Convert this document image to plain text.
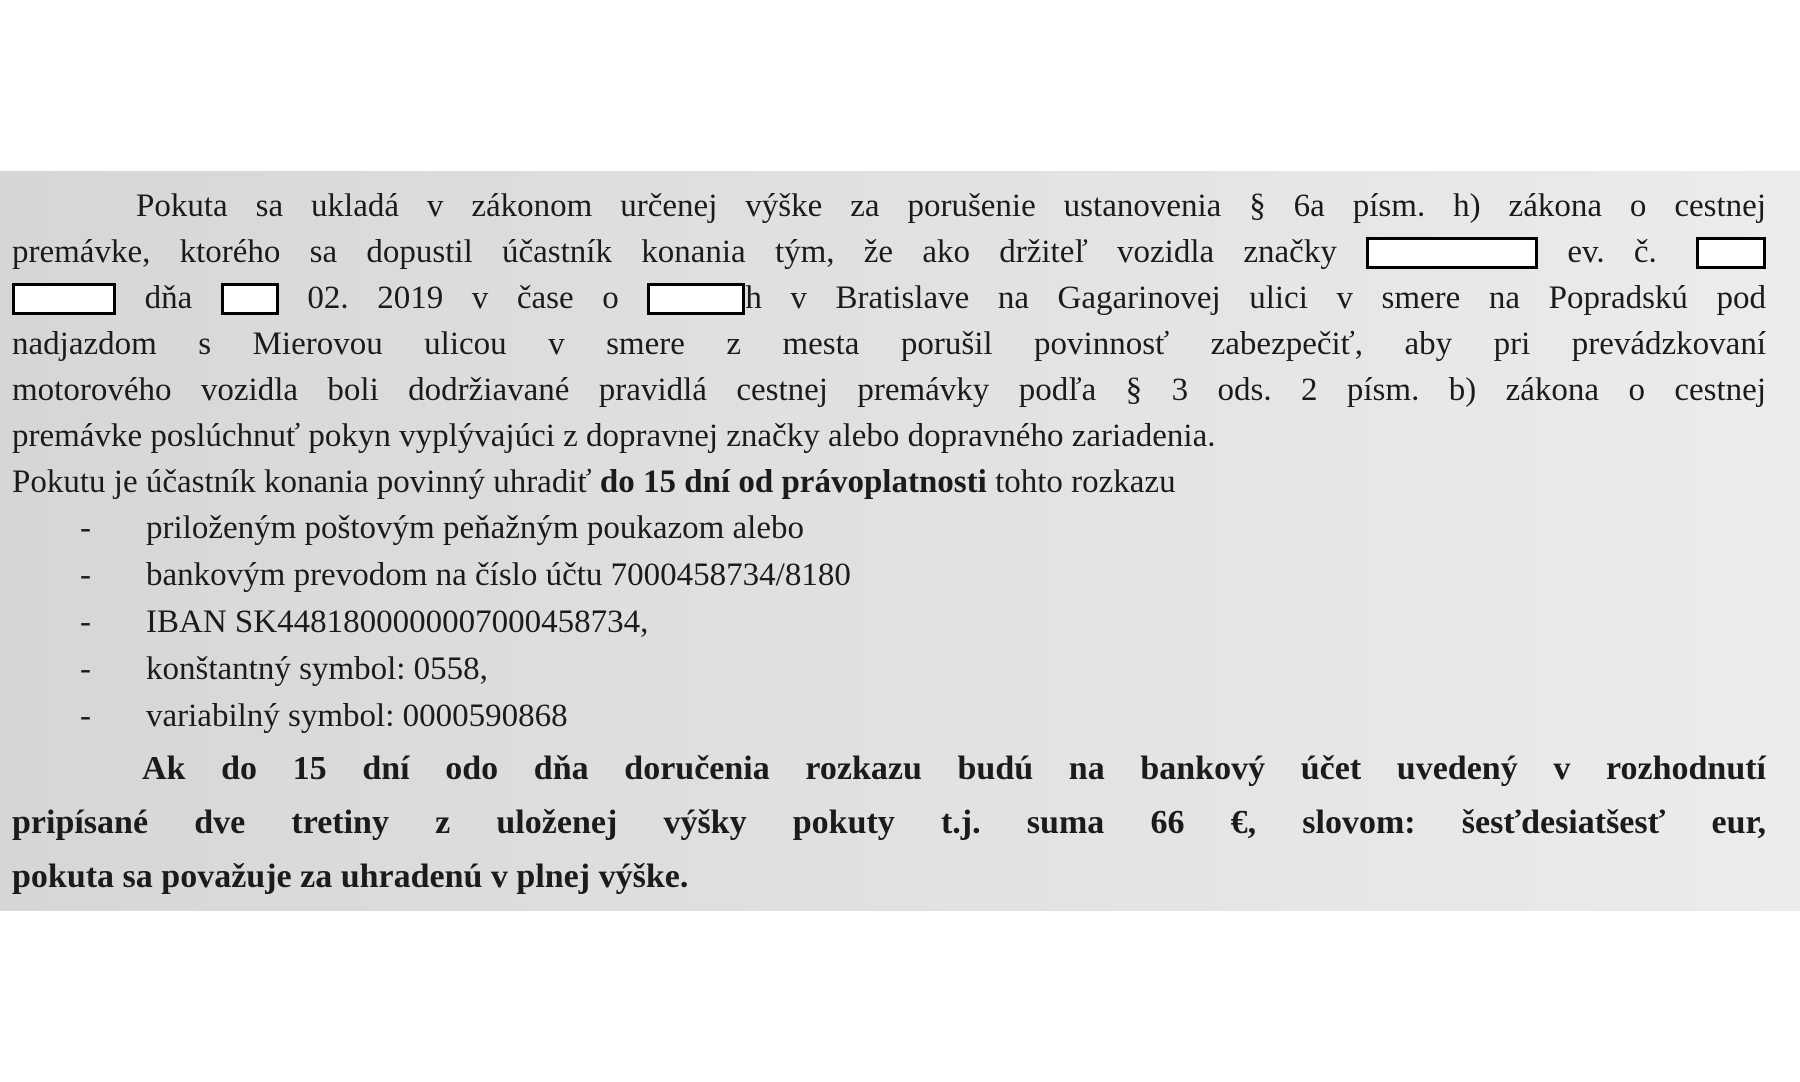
Pokuta sa ukladá v zákonom určenej výške za porušenie ustanovenia § 6a písm. h) zákona o cestnej
premávke, ktorého sa dopustil účastník konania tým, že ako držiteľ vozidla značky	ev. č.
dňa	02. 2019 v čase o	h v Bratislave na Gagarinovej ulici v smere na Popradskú pod
nadjazdom s Mierovou ulicou v smere z mesta porušil povinnosť zabezpečiť, aby pri prevádzkovaní
motorového vozidla boli dodržiavané pravidlá cestnej premávky podľa § 3 ods. 2 písm. b) zákona o cestnej
premávke poslúchnuť pokyn vyplývajúci z dopravnej značky alebo dopravného zariadenia.

Pokutu je účastník konania povinný uhradiť do 15 dní od právoplatnosti tohto rozkazu

- priloženým poštovým peňažným poukazom alebo
- bankovým prevodom na číslo účtu 7000458734/8180
- IBAN SK4481800000007000458734,
- konštantný symbol: 0558,
- variabilný symbol: 0000590868

Ak do 15 dní odo dňa doručenia rozkazu budú na bankový účet uvedený v rozhodnutí
pripísané dve tretiny z uloženej výšky pokuty t.j. suma 66 €, slovom: šesťdesiatšesť eur,
pokuta sa považuje za uhradenú v plnej výške.
